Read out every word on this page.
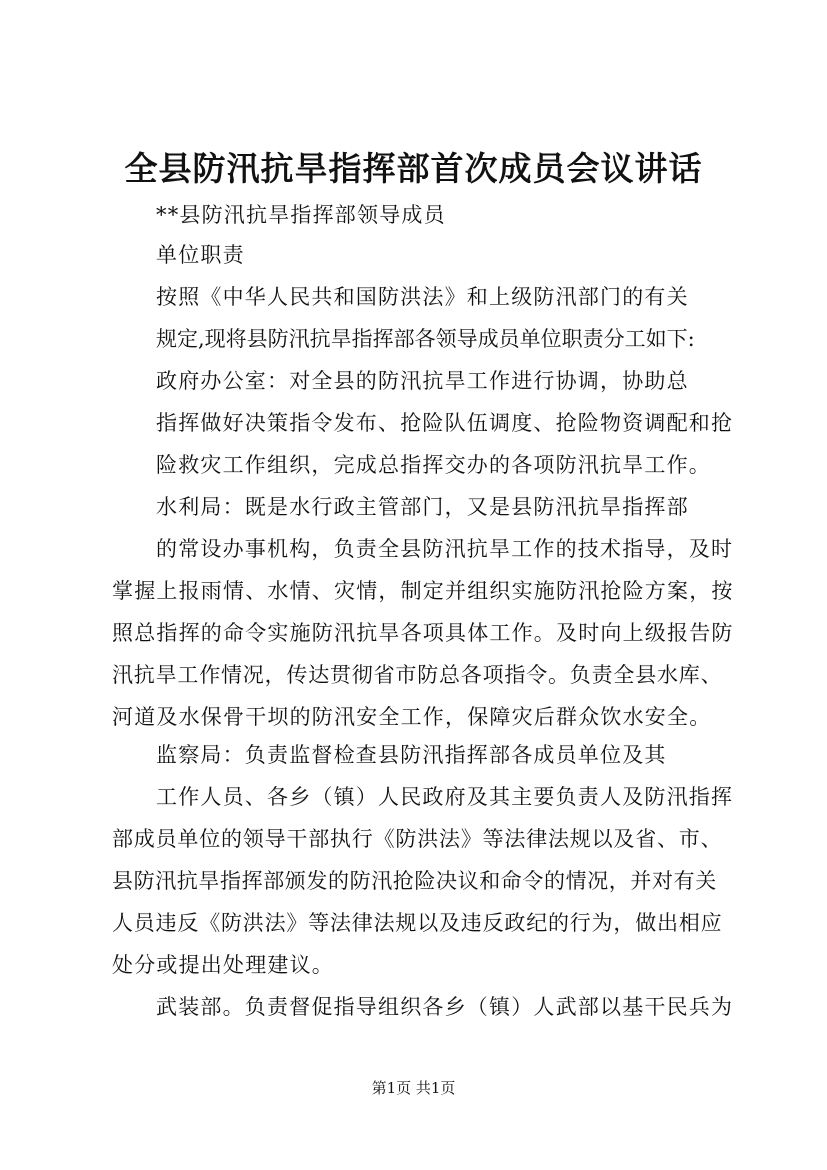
全县防汛抗旱指挥部首次成员会议讲话
**县防汛抗旱指挥部领导成员
单位职责
按照《中华人民共和国防洪法》和上级防汛部门的有关
规定,现将县防汛抗旱指挥部各领导成员单位职责分工如下:
政府办公室：对全县的防汛抗旱工作进行协调，协助总
指挥做好决策指令发布、抢险队伍调度、抢险物资调配和抢
险救灾工作组织，完成总指挥交办的各项防汛抗旱工作。
水利局：既是水行政主管部门，又是县防汛抗旱指挥部
的常设办事机构，负责全县防汛抗旱工作的技术指导，及时
掌握上报雨情、水情、灾情，制定并组织实施防汛抢险方案，按
照总指挥的命令实施防汛抗旱各项具体工作。及时向上级报告防
汛抗旱工作情况，传达贯彻省市防总各项指令。负责全县水库、
河道及水保骨干坝的防汛安全工作，保障灾后群众饮水安全。
监察局：负责监督检查县防汛指挥部各成员单位及其
工作人员、各乡（镇）人民政府及其主要负责人及防汛指挥
部成员单位的领导干部执行《防洪法》等法律法规以及省、市、
县防汛抗旱指挥部颁发的防汛抢险决议和命令的情况，并对有关
人员违反《防洪法》等法律法规以及违反政纪的行为，做出相应
处分或提出处理建议。
武装部。负责督促指导组织各乡（镇）人武部以基干民兵为
第1页 共1页
